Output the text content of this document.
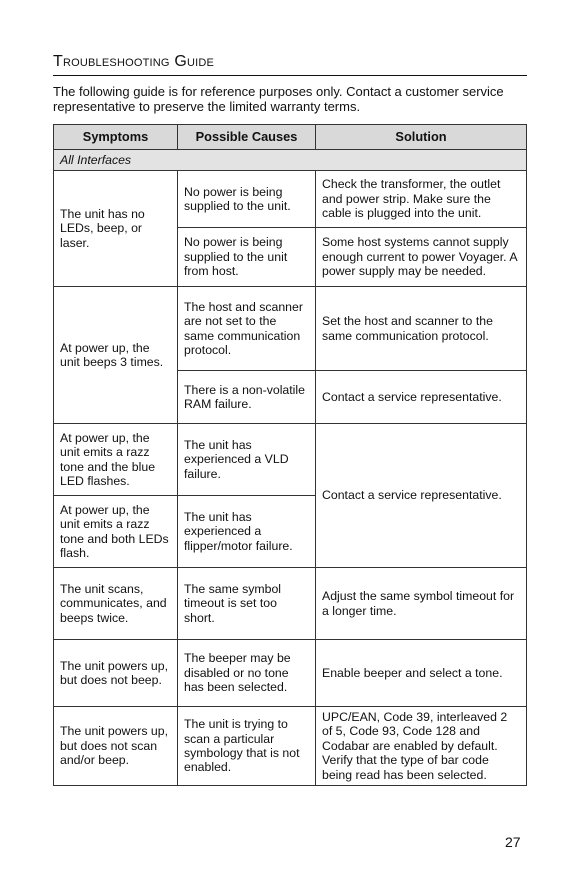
Troubleshooting Guide
The following guide is for reference purposes only. Contact a customer service representative to preserve the limited warranty terms.
Symptoms	Possible Causes	Solution
All Interfaces		
The unit has no LEDs, beep, or laser.	No power is being supplied to the unit.	Check the transformer, the outlet and power strip. Make sure the cable is plugged into the unit.
	No power is being supplied to the unit from host.	Some host systems cannot supply enough current to power Voyager. A power supply may be needed.
At power up, the unit beeps 3 times.	The host and scanner are not set to the same communication protocol.	Set the host and scanner to the same communication protocol.
	There is a non-volatile RAM failure.	Contact a service representative.
At power up, the unit emits a razz tone and the blue LED flashes.	The unit has experienced a VLD failure.	Contact a service representative.
At power up, the unit emits a razz tone and both LEDs flash.	The unit has experienced a flipper/motor failure.	
The unit scans, communicates, and beeps twice.	The same symbol timeout is set too short.	Adjust the same symbol timeout for a longer time.
The unit powers up, but does not beep.	The beeper may be disabled or no tone has been selected.	Enable beeper and select a tone.
The unit powers up, but does not scan and/or beep.	The unit is trying to scan a particular symbology that is not enabled.	UPC/EAN, Code 39, interleaved 2 of 5, Code 93, Code 128 and Codabar are enabled by default. Verify that the type of bar code being read has been selected.
27
